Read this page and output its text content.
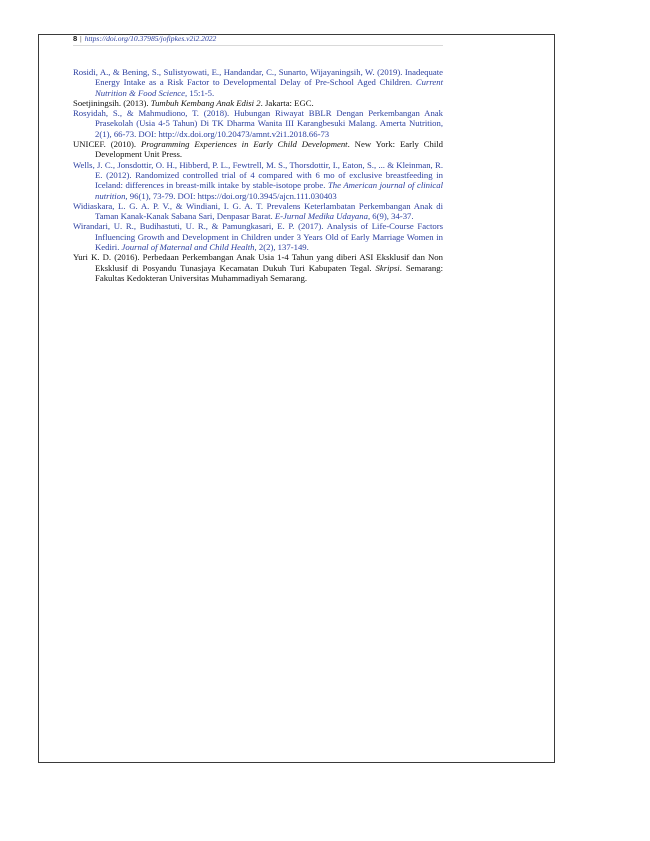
8 | https://doi.org/10.37985/jofipkes.v2i2.2022

Rosidi, A., & Bening, S., Sulistyowati, E., Handandar, C., Sunarto, Wijayaningsih, W. (2019). Inadequate Energy Intake as a Risk Factor to Developmental Delay of Pre-School Aged Children. Current Nutrition & Food Science, 15:1-5.

Soetjiningsih. (2013). Tumbuh Kembang Anak Edisi 2. Jakarta: EGC.

Rosyidah, S., & Mahmudiono, T. (2018). Hubungan Riwayat BBLR Dengan Perkembangan Anak Prasekolah (Usia 4-5 Tahun) Di TK Dharma Wanita III Karangbesuki Malang. Amerta Nutrition, 2(1), 66-73. DOI: http://dx.doi.org/10.20473/amnt.v2i1.2018.66-73

UNICEF. (2010). Programming Experiences in Early Child Development. New York: Early Child Development Unit Press.

Wells, J. C., Jonsdottir, O. H., Hibberd, P. L., Fewtrell, M. S., Thorsdottir, I., Eaton, S., ... & Kleinman, R. E. (2012). Randomized controlled trial of 4 compared with 6 mo of exclusive breastfeeding in Iceland: differences in breast-milk intake by stable-isotope probe. The American journal of clinical nutrition, 96(1), 73-79. DOI: https://doi.org/10.3945/ajcn.111.030403

Widiaskara, L. G. A. P. V., & Windiani, I. G. A. T. Prevalens Keterlambatan Perkembangan Anak di Taman Kanak-Kanak Sabana Sari, Denpasar Barat. E-Jurnal Medika Udayana, 6(9), 34-37.

Wirandari, U. R., Budihastuti, U. R., & Pamungkasari, E. P. (2017). Analysis of Life-Course Factors Influencing Growth and Development in Children under 3 Years Old of Early Marriage Women in Kediri. Journal of Maternal and Child Health, 2(2), 137-149.

Yuri K. D. (2016). Perbedaan Perkembangan Anak Usia 1-4 Tahun yang diberi ASI Eksklusif dan Non Eksklusif di Posyandu Tunasjaya Kecamatan Dukuh Turi Kabupaten Tegal. Skripsi. Semarang: Fakultas Kedokteran Universitas Muhammadiyah Semarang.
